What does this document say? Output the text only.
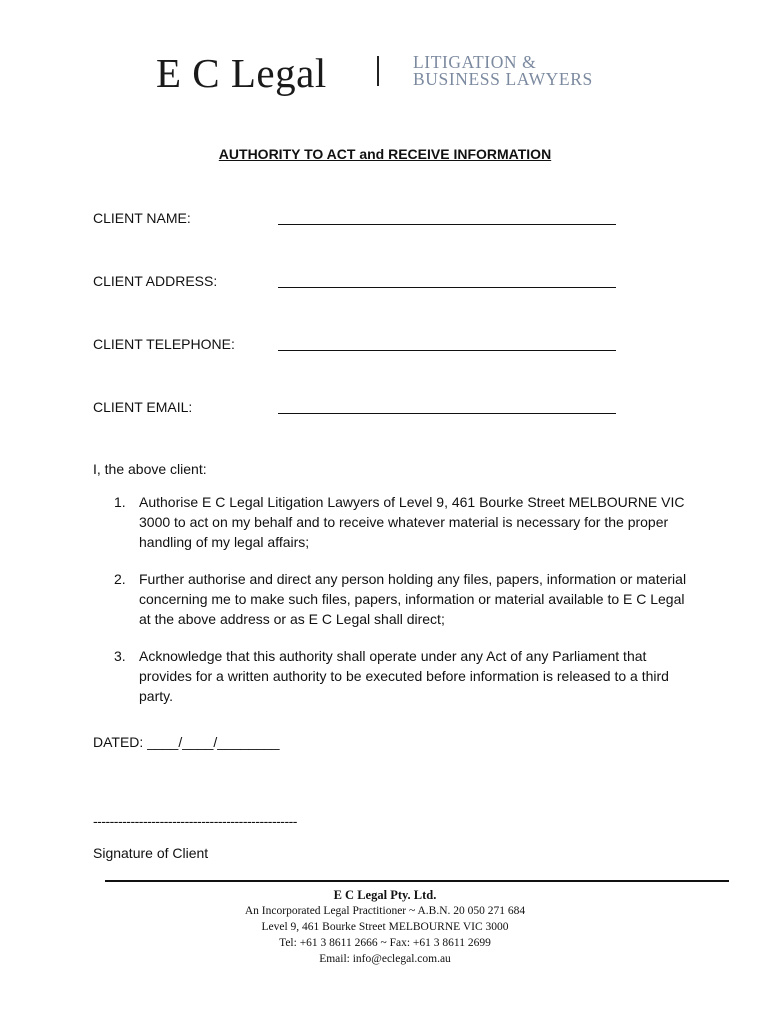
E C Legal	LITIGATION &
BUSINESS LAWYERS
AUTHORITY TO ACT and RECEIVE INFORMATION
CLIENT NAME:
CLIENT ADDRESS:
CLIENT TELEPHONE:
CLIENT EMAIL:
I, the above client:
1. Authorise E C Legal Litigation Lawyers of Level 9, 461 Bourke Street MELBOURNE VIC 3000 to act on my behalf and to receive whatever material is necessary for the proper handling of my legal affairs;
2. Further authorise and direct any person holding any files, papers, information or material concerning me to make such files, papers, information or material available to E C Legal at the above address or as E C Legal shall direct;
3. Acknowledge that this authority shall operate under any Act of any Parliament that provides for a written authority to be executed before information is released to a third party.
DATED: ____/____/________
-------------------------------------------------
Signature of Client
E C Legal Pty. Ltd.
An Incorporated Legal Practitioner ~ A.B.N. 20 050 271 684
Level 9, 461 Bourke Street MELBOURNE VIC 3000
Tel: +61 3 8611 2666 ~ Fax: +61 3 8611 2699
Email: info@eclegal.com.au
